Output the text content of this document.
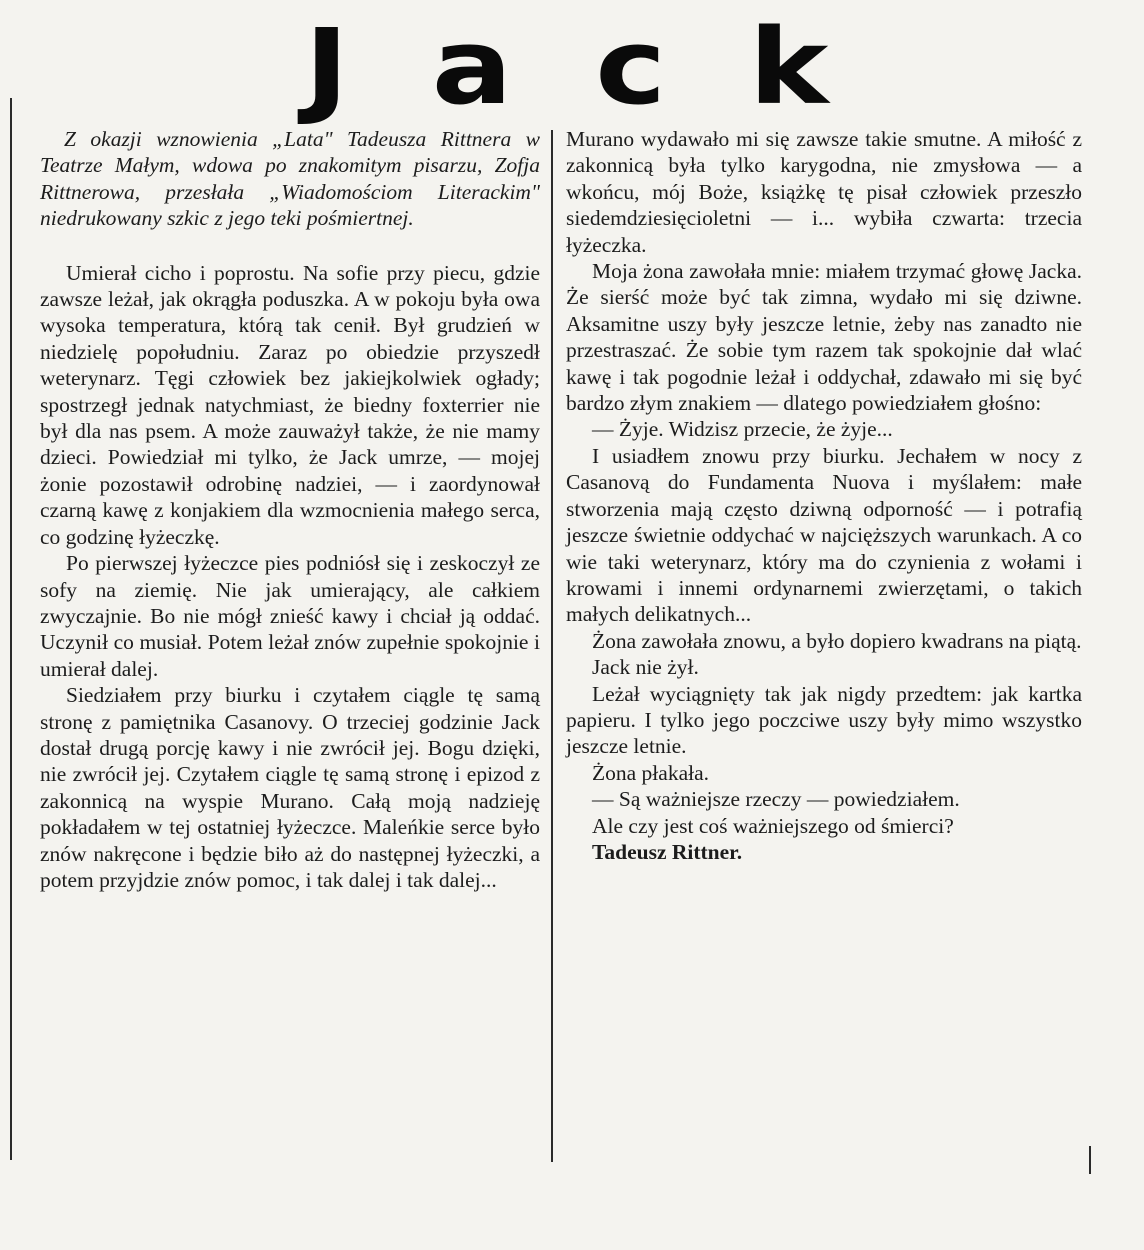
Jack

Z okazji wznowienia „Lata" Tadeusza Rittnera w Teatrze Małym, wdowa po znakomitym pisarzu, Zofja Rittnerowa, przesłała „Wiadomościom Literackim" niedrukowany szkic z jego teki pośmiertnej.

Umierał cicho i poprostu. Na sofie przy piecu, gdzie zawsze leżał, jak okrągła poduszka. A w pokoju była owa wysoka temperatura, którą tak cenił. Był grudzień w niedzielę popołudniu. Zaraz po obiedzie przyszedł weterynarz. Tęgi człowiek bez jakiejkolwiek ogłady; spostrzegł jednak natychmiast, że biedny foxterrier nie był dla nas psem. A może zauważył także, że nie mamy dzieci. Powiedział mi tylko, że Jack umrze, — mojej żonie pozostawił odrobinę nadziei, — i zaordynował czarną kawę z konjakiem dla wzmocnienia małego serca, co godzinę łyżeczkę.

Po pierwszej łyżeczce pies podniósł się i zeskoczył ze sofy na ziemię. Nie jak umierający, ale całkiem zwyczajnie. Bo nie mógł znieść kawy i chciał ją oddać. Uczynił co musiał. Potem leżał znów zupełnie spokojnie i umierał dalej.

Siedziałem przy biurku i czytałem ciągle tę samą stronę z pamiętnika Casanovy. O trzeciej godzinie Jack dostał drugą porcję kawy i nie zwrócił jej. Bogu dzięki, nie zwrócił jej. Czytałem ciągle tę samą stronę i epizod z zakonnicą na wyspie Murano. Całą moją nadzieję pokładałem w tej ostatniej łyżeczce. Maleńkie serce było znów nakręcone i będzie biło aż do następnej łyżeczki, a potem przyjdzie znów pomoc, i tak dalej i tak dalej...

Murano wydawało mi się zawsze takie smutne. A miłość z zakonnicą była tylko karygodna, nie zmysłowa — a wkońcu, mój Boże, książkę tę pisał człowiek przeszło siedemdziesięcioletni — i... wybiła czwarta: trzecia łyżeczka.

Moja żona zawołała mnie: miałem trzymać głowę Jacka. Że sierść może być tak zimna, wydało mi się dziwne. Aksamitne uszy były jeszcze letnie, żeby nas zanadto nie przestraszać. Że sobie tym razem tak spokojnie dał wlać kawę i tak pogodnie leżał i oddychał, zdawało mi się być bardzo złym znakiem — dlatego powiedziałem głośno:

— Żyje. Widzisz przecie, że żyje...

I usiadłem znowu przy biurku. Jechałem w nocy z Casanovą do Fundamenta Nuova i myślałem: małe stworzenia mają często dziwną odporność — i potrafią jeszcze świetnie oddychać w najcięższych warunkach. A co wie taki weterynarz, który ma do czynienia z wołami i krowami i innemi ordynarnemi zwierzętami, o takich małych delikatnych...

Żona zawołała znowu, a było dopiero kwadrans na piątą.

Jack nie żył.

Leżał wyciągnięty tak jak nigdy przedtem: jak kartka papieru. I tylko jego poczciwe uszy były mimo wszystko jeszcze letnie.

Żona płakała.

— Są ważniejsze rzeczy — powiedziałem.

Ale czy jest coś ważniejszego od śmierci?

Tadeusz Rittner.
